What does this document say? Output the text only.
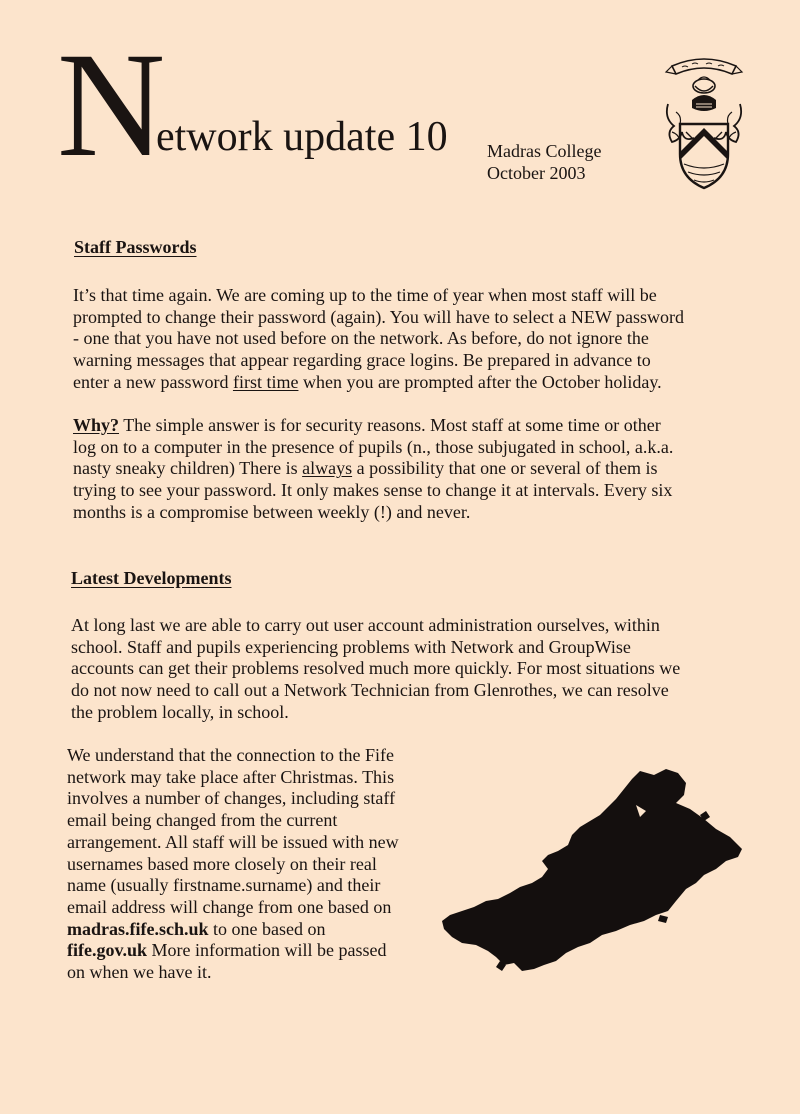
N
etwork update 10 Madras College
October 2003
Staff Passwords
It’s that time again. We are coming up to the time of year when most staff will be
prompted to change their password (again). You will have to select a NEW password
- one that you have not used before on the network. As before, do not ignore the
warning messages that appear regarding grace logins. Be prepared in advance to
enter a new password first time when you are prompted after the October holiday.
Why? The simple answer is for security reasons. Most staff at some time or other
log on to a computer in the presence of pupils (n., those subjugated in school, a.k.a.
nasty sneaky children) There is always a possibility that one or several of them is
trying to see your password. It only makes sense to change it at intervals. Every six
months is a compromise between weekly (!) and never.
Latest Developments
At long last we are able to carry out user account administration ourselves, within
school. Staff and pupils experiencing problems with Network and GroupWise
accounts can get their problems resolved much more quickly. For most situations we
do not now need to call out a Network Technician from Glenrothes, we can resolve
the problem locally, in school.
We understand that the connection to the Fife
network may take place after Christmas. This
involves a number of changes, including staff
email being changed from the current
arrangement. All staff will be issued with new
usernames based more closely on their real
name (usually firstname.surname) and their
email address will change from one based on
madras.fife.sch.uk to one based on
fife.gov.uk More information will be passed
on when we have it.
